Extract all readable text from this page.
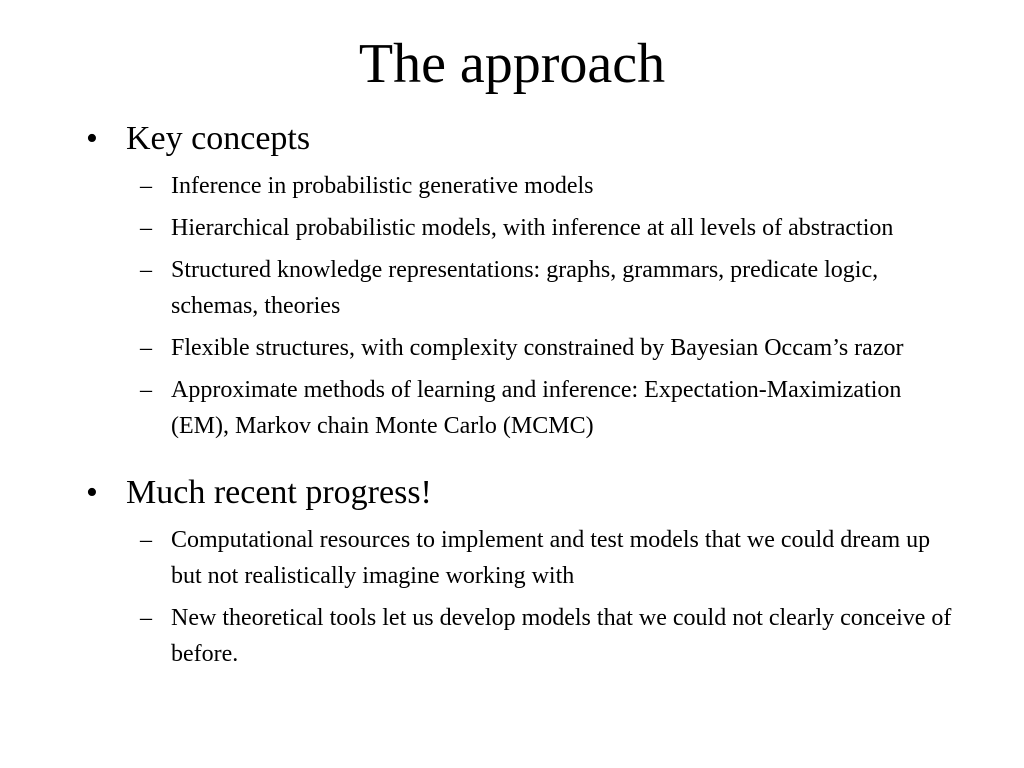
The approach
• Key concepts
– Inference in probabilistic generative models
– Hierarchical probabilistic models, with inference at all levels of abstraction
– Structured knowledge representations: graphs, grammars, predicate logic, schemas, theories
– Flexible structures, with complexity constrained by Bayesian Occam’s razor
– Approximate methods of learning and inference: Expectation-Maximization (EM), Markov chain Monte Carlo (MCMC)
• Much recent progress!
– Computational resources to implement and test models that we could dream up but not realistically imagine working with
– New theoretical tools let us develop models that we could not clearly conceive of before.
